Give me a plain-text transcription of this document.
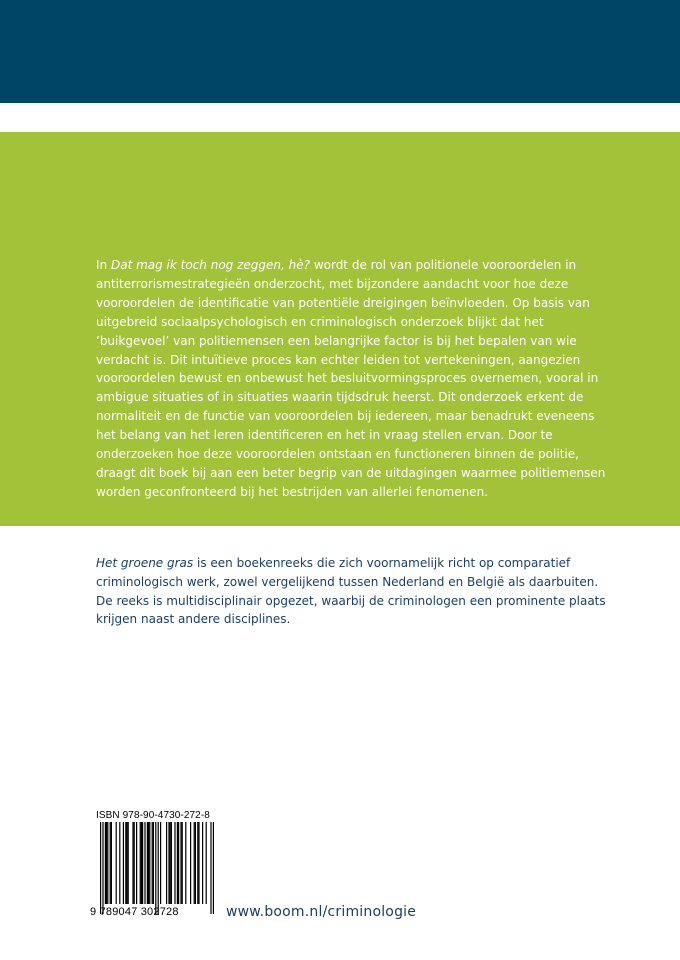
In Dat mag ik toch nog zeggen, hè? wordt de rol van politionele vooroordelen in antiterrorismestrategieën onderzocht, met bijzondere aandacht voor hoe deze vooroordelen de identificatie van potentiële dreigingen beïnvloeden. Op basis van uitgebreid sociaalpsychologisch en criminologisch onderzoek blijkt dat het ‘buikgevoel’ van politiemensen een belangrijke factor is bij het bepalen van wie verdacht is. Dit intuïtieve proces kan echter leiden tot vertekeningen, aangezien vooroordelen bewust en onbewust het besluitvormingsproces overnemen, vooral in ambigue situaties of in situaties waarin tijdsdruk heerst. Dit onderzoek erkent de normaliteit en de functie van vooroordelen bij iedereen, maar benadrukt eveneens het belang van het leren identificeren en het in vraag stellen ervan. Door te onderzoeken hoe deze vooroordelen ontstaan en functioneren binnen de politie, draagt dit boek bij aan een beter begrip van de uitdagingen waarmee politiemensen worden geconfronteerd bij het bestrijden van allerlei fenomenen.

Het groene gras is een boekenreeks die zich voornamelijk richt op comparatief criminologisch werk, zowel vergelijkend tussen Nederland en België als daarbuiten. De reeks is multidisciplinair opgezet, waarbij de criminologen een prominente plaats krijgen naast andere disciplines.

ISBN 978-90-4730-272-8
9 789047 302728	www.boom.nl/criminologie
